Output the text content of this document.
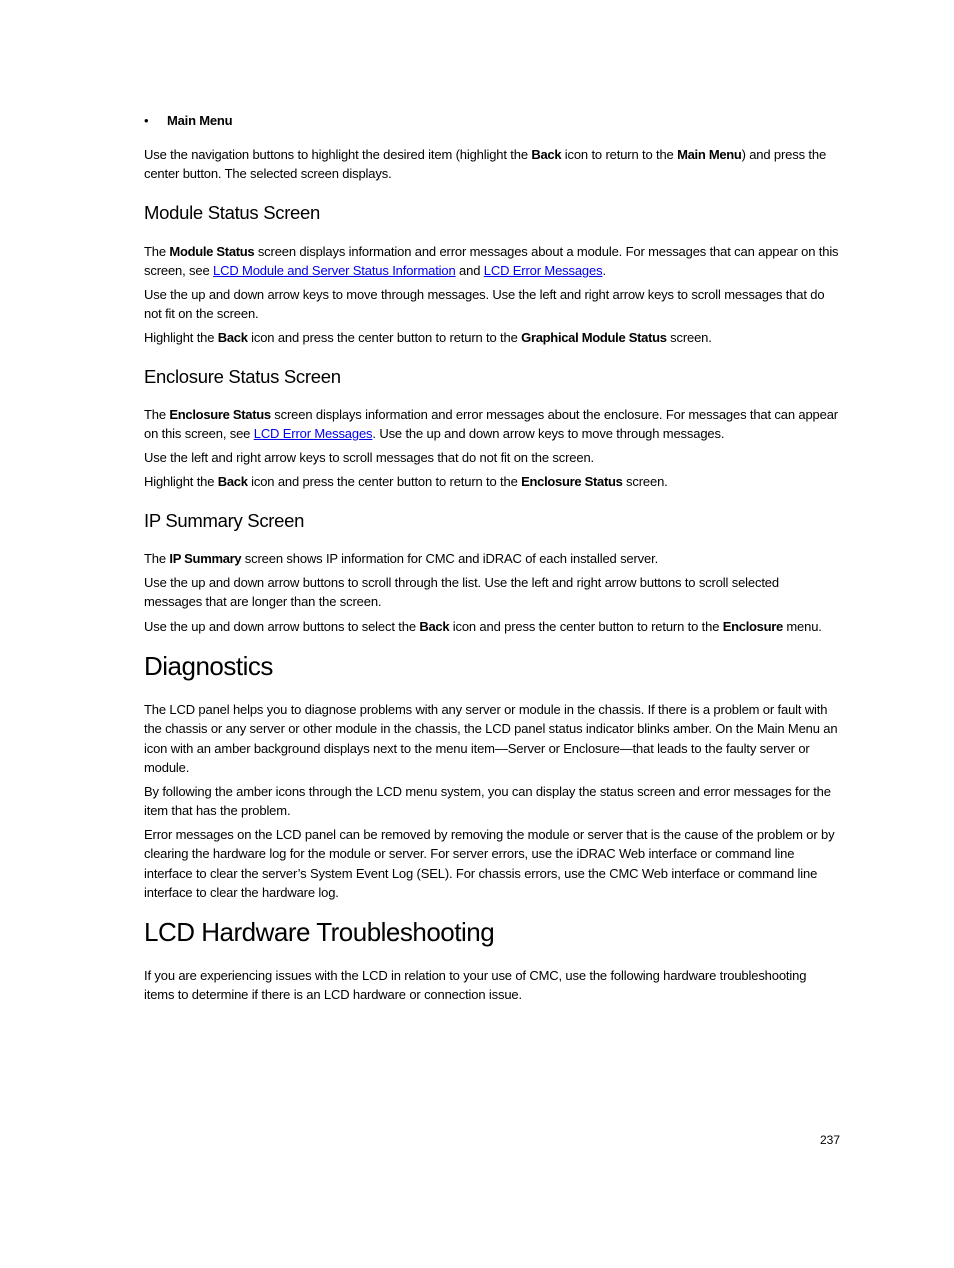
• Main Menu

Use the navigation buttons to highlight the desired item (highlight the Back icon to return to the Main Menu) and press the center button. The selected screen displays.

Module Status Screen

The Module Status screen displays information and error messages about a module. For messages that can appear on this screen, see LCD Module and Server Status Information and LCD Error Messages.

Use the up and down arrow keys to move through messages. Use the left and right arrow keys to scroll messages that do not fit on the screen.

Highlight the Back icon and press the center button to return to the Graphical Module Status screen.

Enclosure Status Screen

The Enclosure Status screen displays information and error messages about the enclosure. For messages that can appear on this screen, see LCD Error Messages. Use the up and down arrow keys to move through messages.

Use the left and right arrow keys to scroll messages that do not fit on the screen.

Highlight the Back icon and press the center button to return to the Enclosure Status screen.

IP Summary Screen

The IP Summary screen shows IP information for CMC and iDRAC of each installed server.

Use the up and down arrow buttons to scroll through the list. Use the left and right arrow buttons to scroll selected messages that are longer than the screen.

Use the up and down arrow buttons to select the Back icon and press the center button to return to the Enclosure menu.

Diagnostics

The LCD panel helps you to diagnose problems with any server or module in the chassis. If there is a problem or fault with the chassis or any server or other module in the chassis, the LCD panel status indicator blinks amber. On the Main Menu an icon with an amber background displays next to the menu item—Server or Enclosure—that leads to the faulty server or module.

By following the amber icons through the LCD menu system, you can display the status screen and error messages for the item that has the problem.

Error messages on the LCD panel can be removed by removing the module or server that is the cause of the problem or by clearing the hardware log for the module or server. For server errors, use the iDRAC Web interface or command line interface to clear the server’s System Event Log (SEL). For chassis errors, use the CMC Web interface or command line interface to clear the hardware log.

LCD Hardware Troubleshooting

If you are experiencing issues with the LCD in relation to your use of CMC, use the following hardware troubleshooting items to determine if there is an LCD hardware or connection issue.

237
